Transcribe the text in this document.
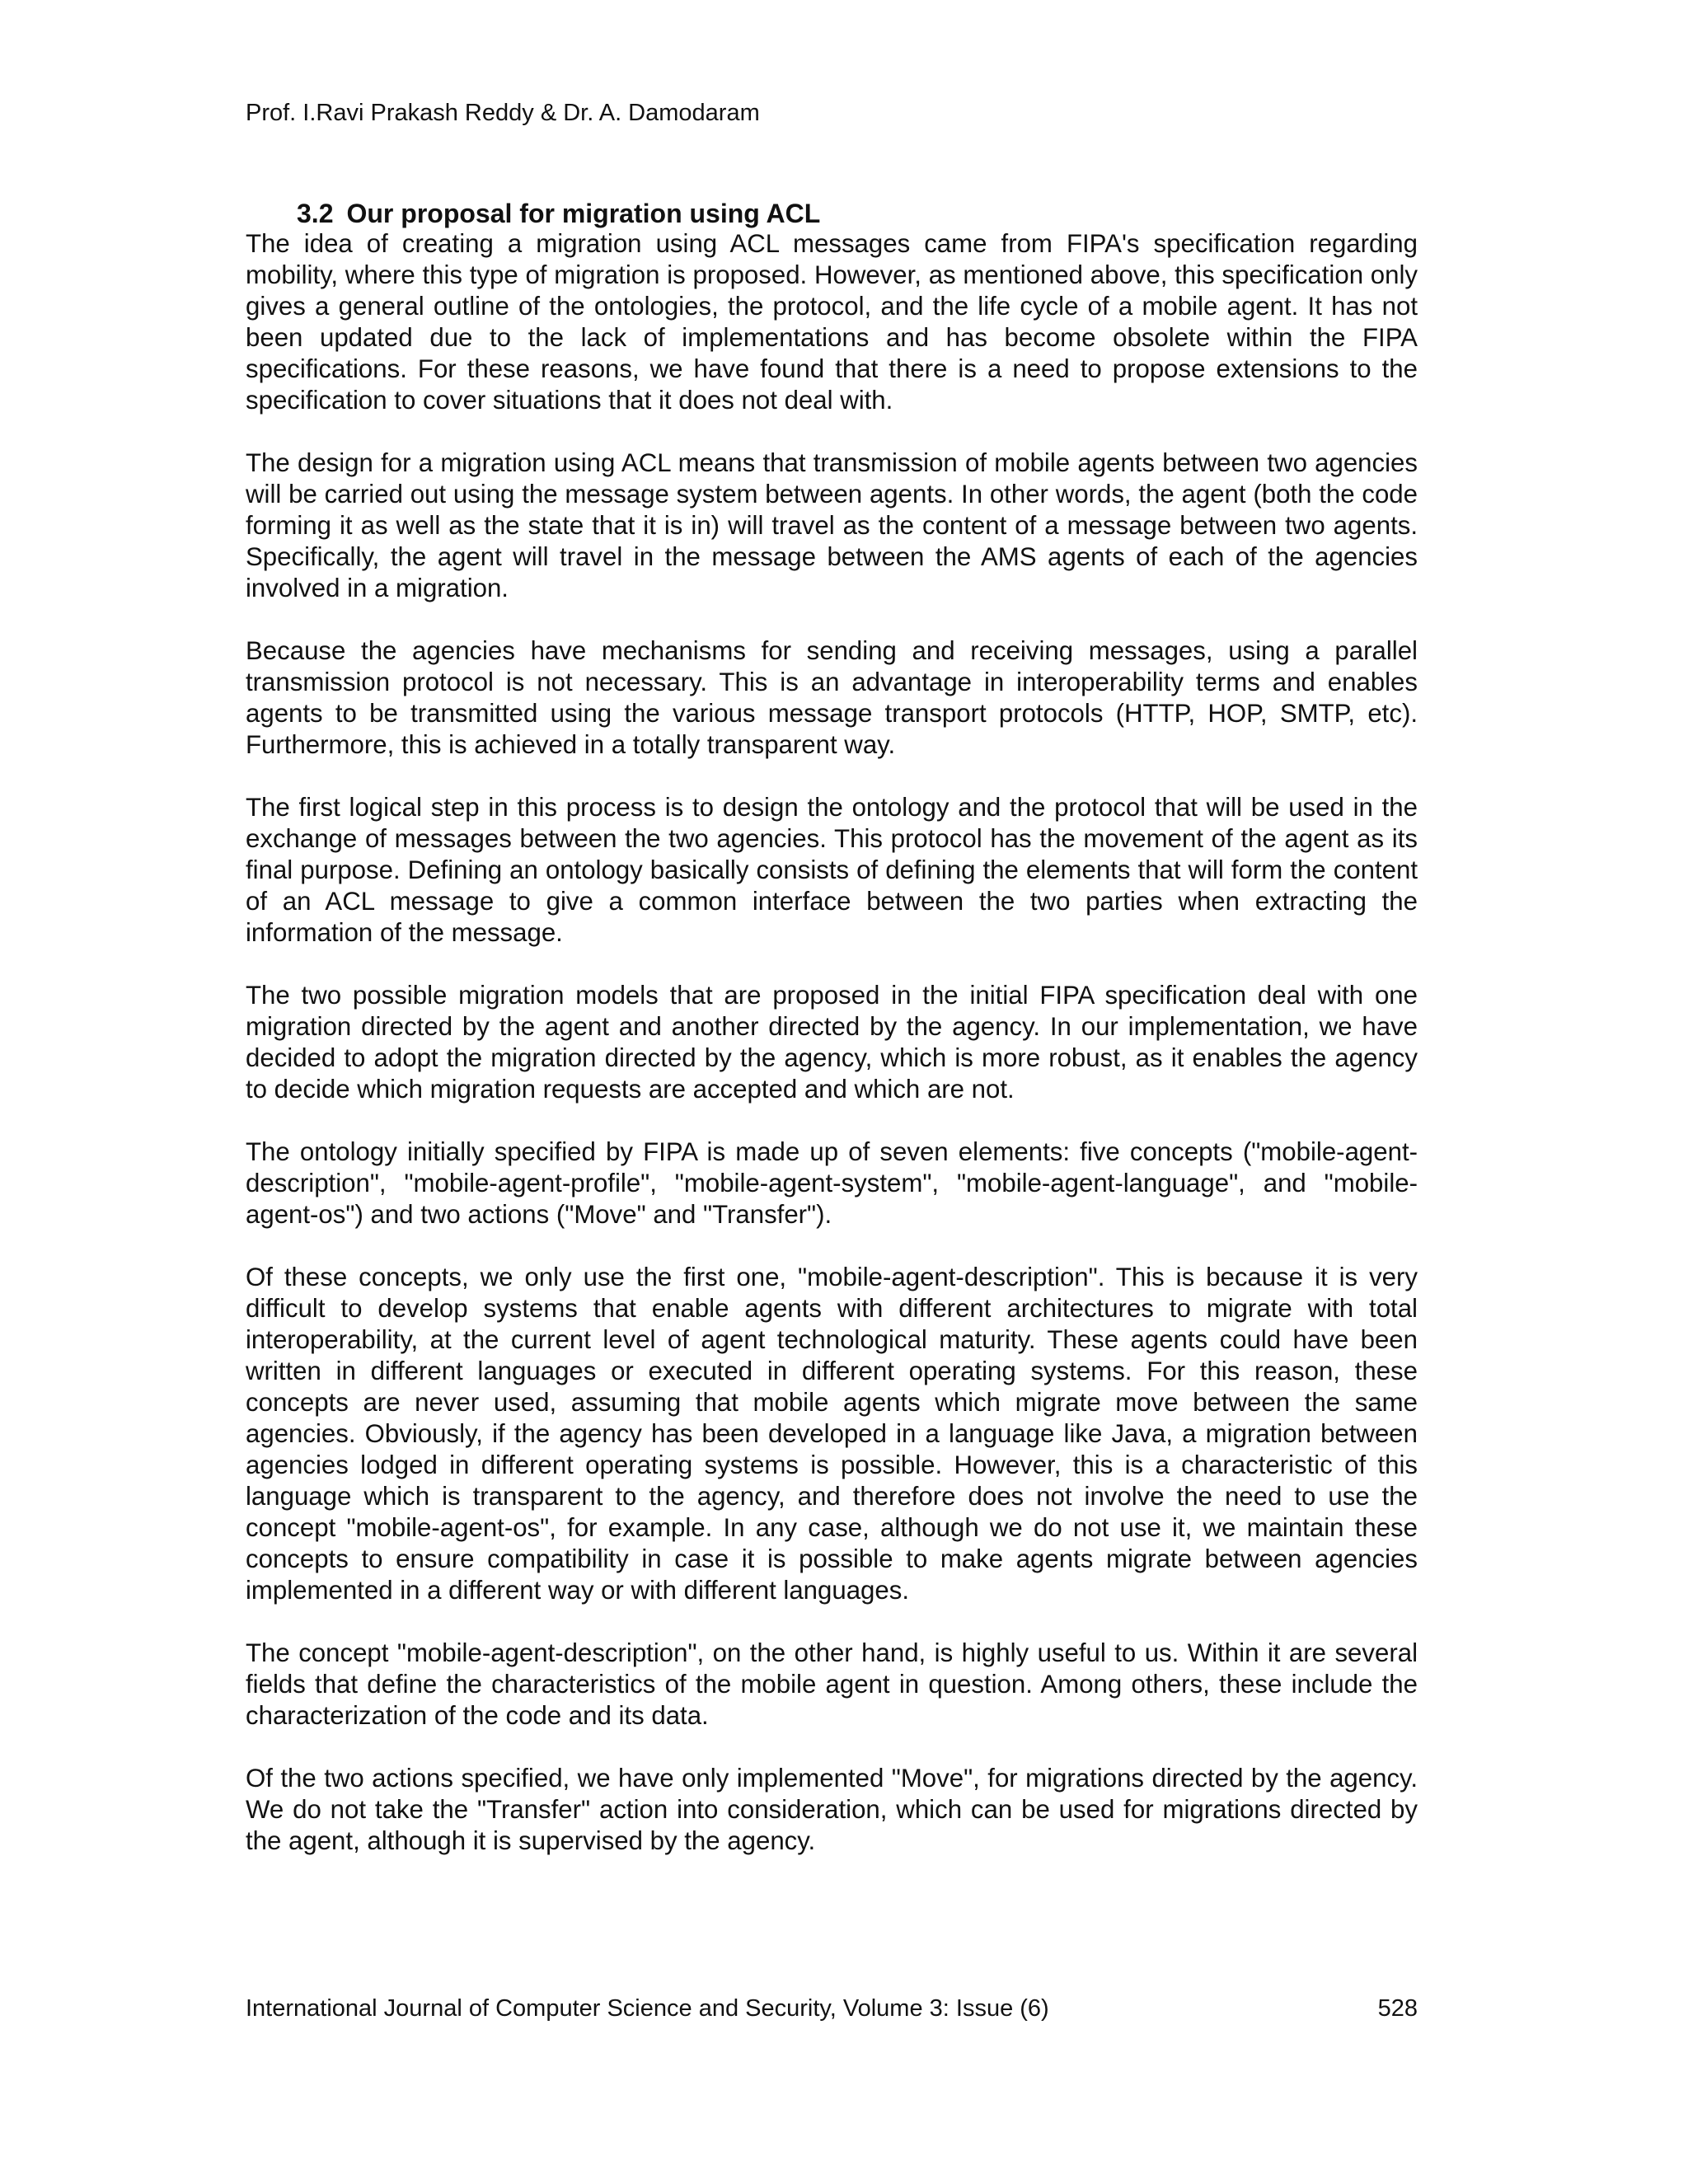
Prof. I.Ravi Prakash Reddy & Dr. A. Damodaram
3.2 Our proposal for migration using ACL

The idea of creating a migration using ACL messages came from FIPA's specification regarding mobility, where this type of migration is proposed. However, as mentioned above, this specification only gives a general outline of the ontologies, the protocol, and the life cycle of a mobile agent. It has not been updated due to the lack of implementations and has become obsolete within the FIPA specifications. For these reasons, we have found that there is a need to propose extensions to the specification to cover situations that it does not deal with.

The design for a migration using ACL means that transmission of mobile agents between two agencies will be carried out using the message system between agents. In other words, the agent (both the code forming it as well as the state that it is in) will travel as the content of a message between two agents. Specifically, the agent will travel in the message between the AMS agents of each of the agencies involved in a migration.

Because the agencies have mechanisms for sending and receiving messages, using a parallel transmission protocol is not necessary. This is an advantage in interoperability terms and enables agents to be transmitted using the various message transport protocols (HTTP, HOP, SMTP, etc). Furthermore, this is achieved in a totally transparent way.

The first logical step in this process is to design the ontology and the protocol that will be used in the exchange of messages between the two agencies. This protocol has the movement of the agent as its final purpose. Defining an ontology basically consists of defining the elements that will form the content of an ACL message to give a common interface between the two parties when extracting the information of the message.

The two possible migration models that are proposed in the initial FIPA specification deal with one migration directed by the agent and another directed by the agency. In our implementation, we have decided to adopt the migration directed by the agency, which is more robust, as it enables the agency to decide which migration requests are accepted and which are not.

The ontology initially specified by FIPA is made up of seven elements: five concepts ("mobile-agent-description", "mobile-agent-profile", "mobile-agent-system", "mobile-agent-language", and "mobile-agent-os") and two actions ("Move" and "Transfer").

Of these concepts, we only use the first one, "mobile-agent-description". This is because it is very difficult to develop systems that enable agents with different architectures to migrate with total interoperability, at the current level of agent technological maturity. These agents could have been written in different languages or executed in different operating systems. For this reason, these concepts are never used, assuming that mobile agents which migrate move between the same agencies. Obviously, if the agency has been developed in a language like Java, a migration between agencies lodged in different operating systems is possible. However, this is a characteristic of this language which is transparent to the agency, and therefore does not involve the need to use the concept "mobile-agent-os", for example. In any case, although we do not use it, we maintain these concepts to ensure compatibility in case it is possible to make agents migrate between agencies implemented in a different way or with different languages.

The concept "mobile-agent-description", on the other hand, is highly useful to us. Within it are several fields that define the characteristics of the mobile agent in question. Among others, these include the characterization of the code and its data.

Of the two actions specified, we have only implemented "Move", for migrations directed by the agency. We do not take the "Transfer" action into consideration, which can be used for migrations directed by the agent, although it is supervised by the agency.

International Journal of Computer Science and Security, Volume 3: Issue (6)	528
